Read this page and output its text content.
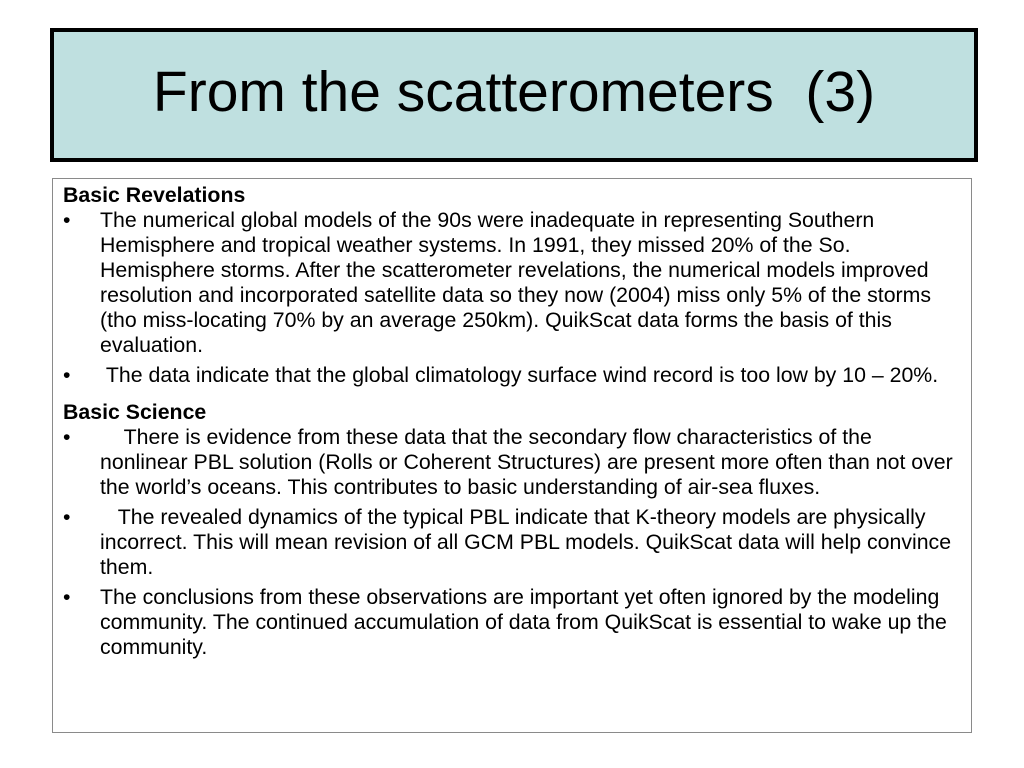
From the scatterometers  (3)
Basic Revelations
•	The numerical global models of the 90s were inadequate in representing Southern Hemisphere and tropical weather systems. In 1991, they missed 20% of the So. Hemisphere storms. After the scatterometer revelations, the numerical models improved resolution and incorporated satellite data so they now (2004) miss only 5% of the storms (tho miss-locating 70% by an average 250km). QuikScat data forms the basis of this evaluation.
•	The data indicate that the global climatology surface wind record is too low by 10 – 20%.
Basic Science
•	There is evidence from these data that the secondary flow characteristics of the nonlinear PBL solution (Rolls or Coherent Structures) are present more often than not over the world’s oceans. This contributes to basic understanding of air-sea fluxes.
•	The revealed dynamics of the typical PBL indicate that K-theory models are physically incorrect. This will mean revision of all GCM PBL models. QuikScat data will help convince them.
•	The conclusions from these observations are important yet often ignored by the modeling community. The continued accumulation of data from QuikScat is essential to wake up the community.
